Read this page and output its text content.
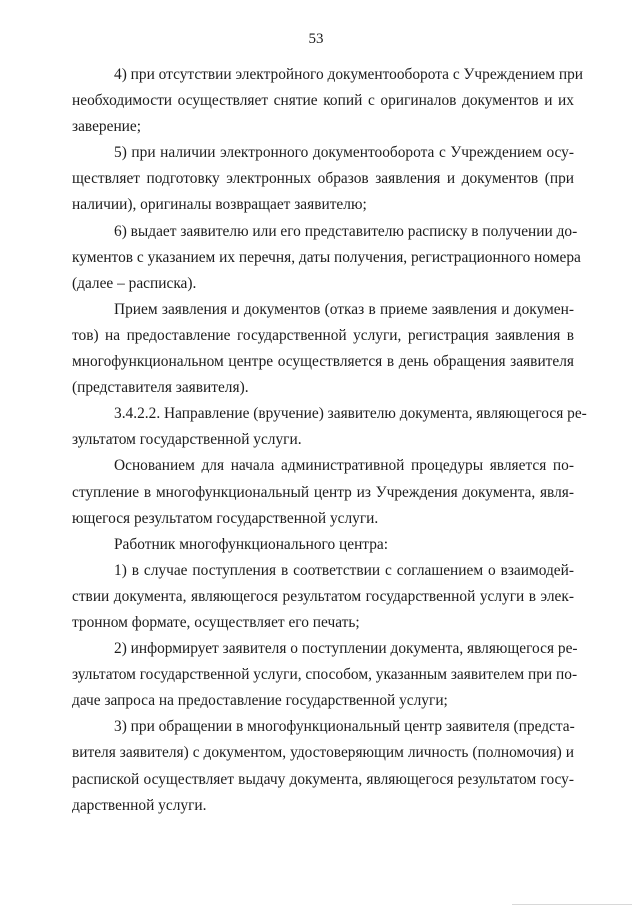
53
4) при отсутствии электройного документооборота с Учреждением при
необходимости осуществляет снятие копий с оригиналов документов и их
заверение;
5) при наличии электронного документооборота с Учреждением осу-
ществляет подготовку электронных образов заявления и документов (при
наличии), оригиналы возвращает заявителю;
6) выдает заявителю или его представителю расписку в получении до-
кументов с указанием их перечня, даты получения, регистрационного номера
(далее – расписка).
Прием заявления и документов (отказ в приеме заявления и докумен-
тов) на предоставление государственной услуги, регистрация заявления в
многофункциональном центре осуществляется в день обращения заявителя
(представителя заявителя).
3.4.2.2. Направление (вручение) заявителю документа, являющегося ре-
зультатом государственной услуги.
Основанием для начала административной процедуры является по-
ступление в многофункциональный центр из Учреждения документа, явля-
ющегося результатом государственной услуги.
Работник многофункционального центра:
1) в случае поступления в соответствии с соглашением о взаимодей-
ствии документа, являющегося результатом государственной услуги в элек-
тронном формате, осуществляет его печать;
2) информирует заявителя о поступлении документа, являющегося ре-
зультатом государственной услуги, способом, указанным заявителем при по-
даче запроса на предоставление государственной услуги;
3) при обращении в многофункциональный центр заявителя (предста-
вителя заявителя) с документом, удостоверяющим личность (полномочия) и
распиской осуществляет выдачу документа, являющегося результатом госу-
дарственной услуги.
